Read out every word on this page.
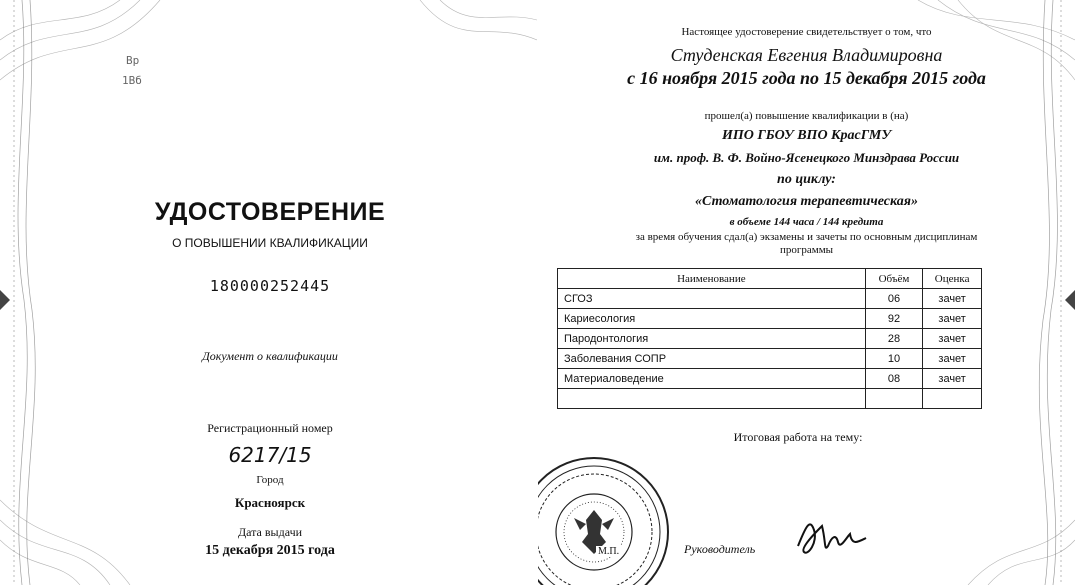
Вр
1Вб
УДОСТОВЕРЕНИЕ
О ПОВЫШЕНИИ КВАЛИФИКАЦИИ
180000252445
Документ о квалификации
Регистрационный номер
6217/15
Город
Красноярск
Дата выдачи
15 декабря 2015 года
Настоящее удостоверение свидетельствует о том, что
Студенская Евгения Владимировна
с 16 ноября 2015 года по 15 декабря 2015 года
прошел(а) повышение квалификации в (на)
ИПО ГБОУ ВПО КрасГМУ
им. проф. В. Ф. Войно-Ясенецкого Минздрава России
по циклу:
«Стоматология терапевтическая»
в объеме 144 часа / 144 кредита
за время обучения сдал(а) экзамены и зачеты по основным дисциплинам
программы
Наименование	Объём	Оценка
СГОЗ	06	зачет
Кариесология	92	зачет
Пародонтология	28	зачет
Заболевания СОПР	10	зачет
Материаловедение	08	зачет

Итоговая работа на тему:
М.П.	Руководитель
